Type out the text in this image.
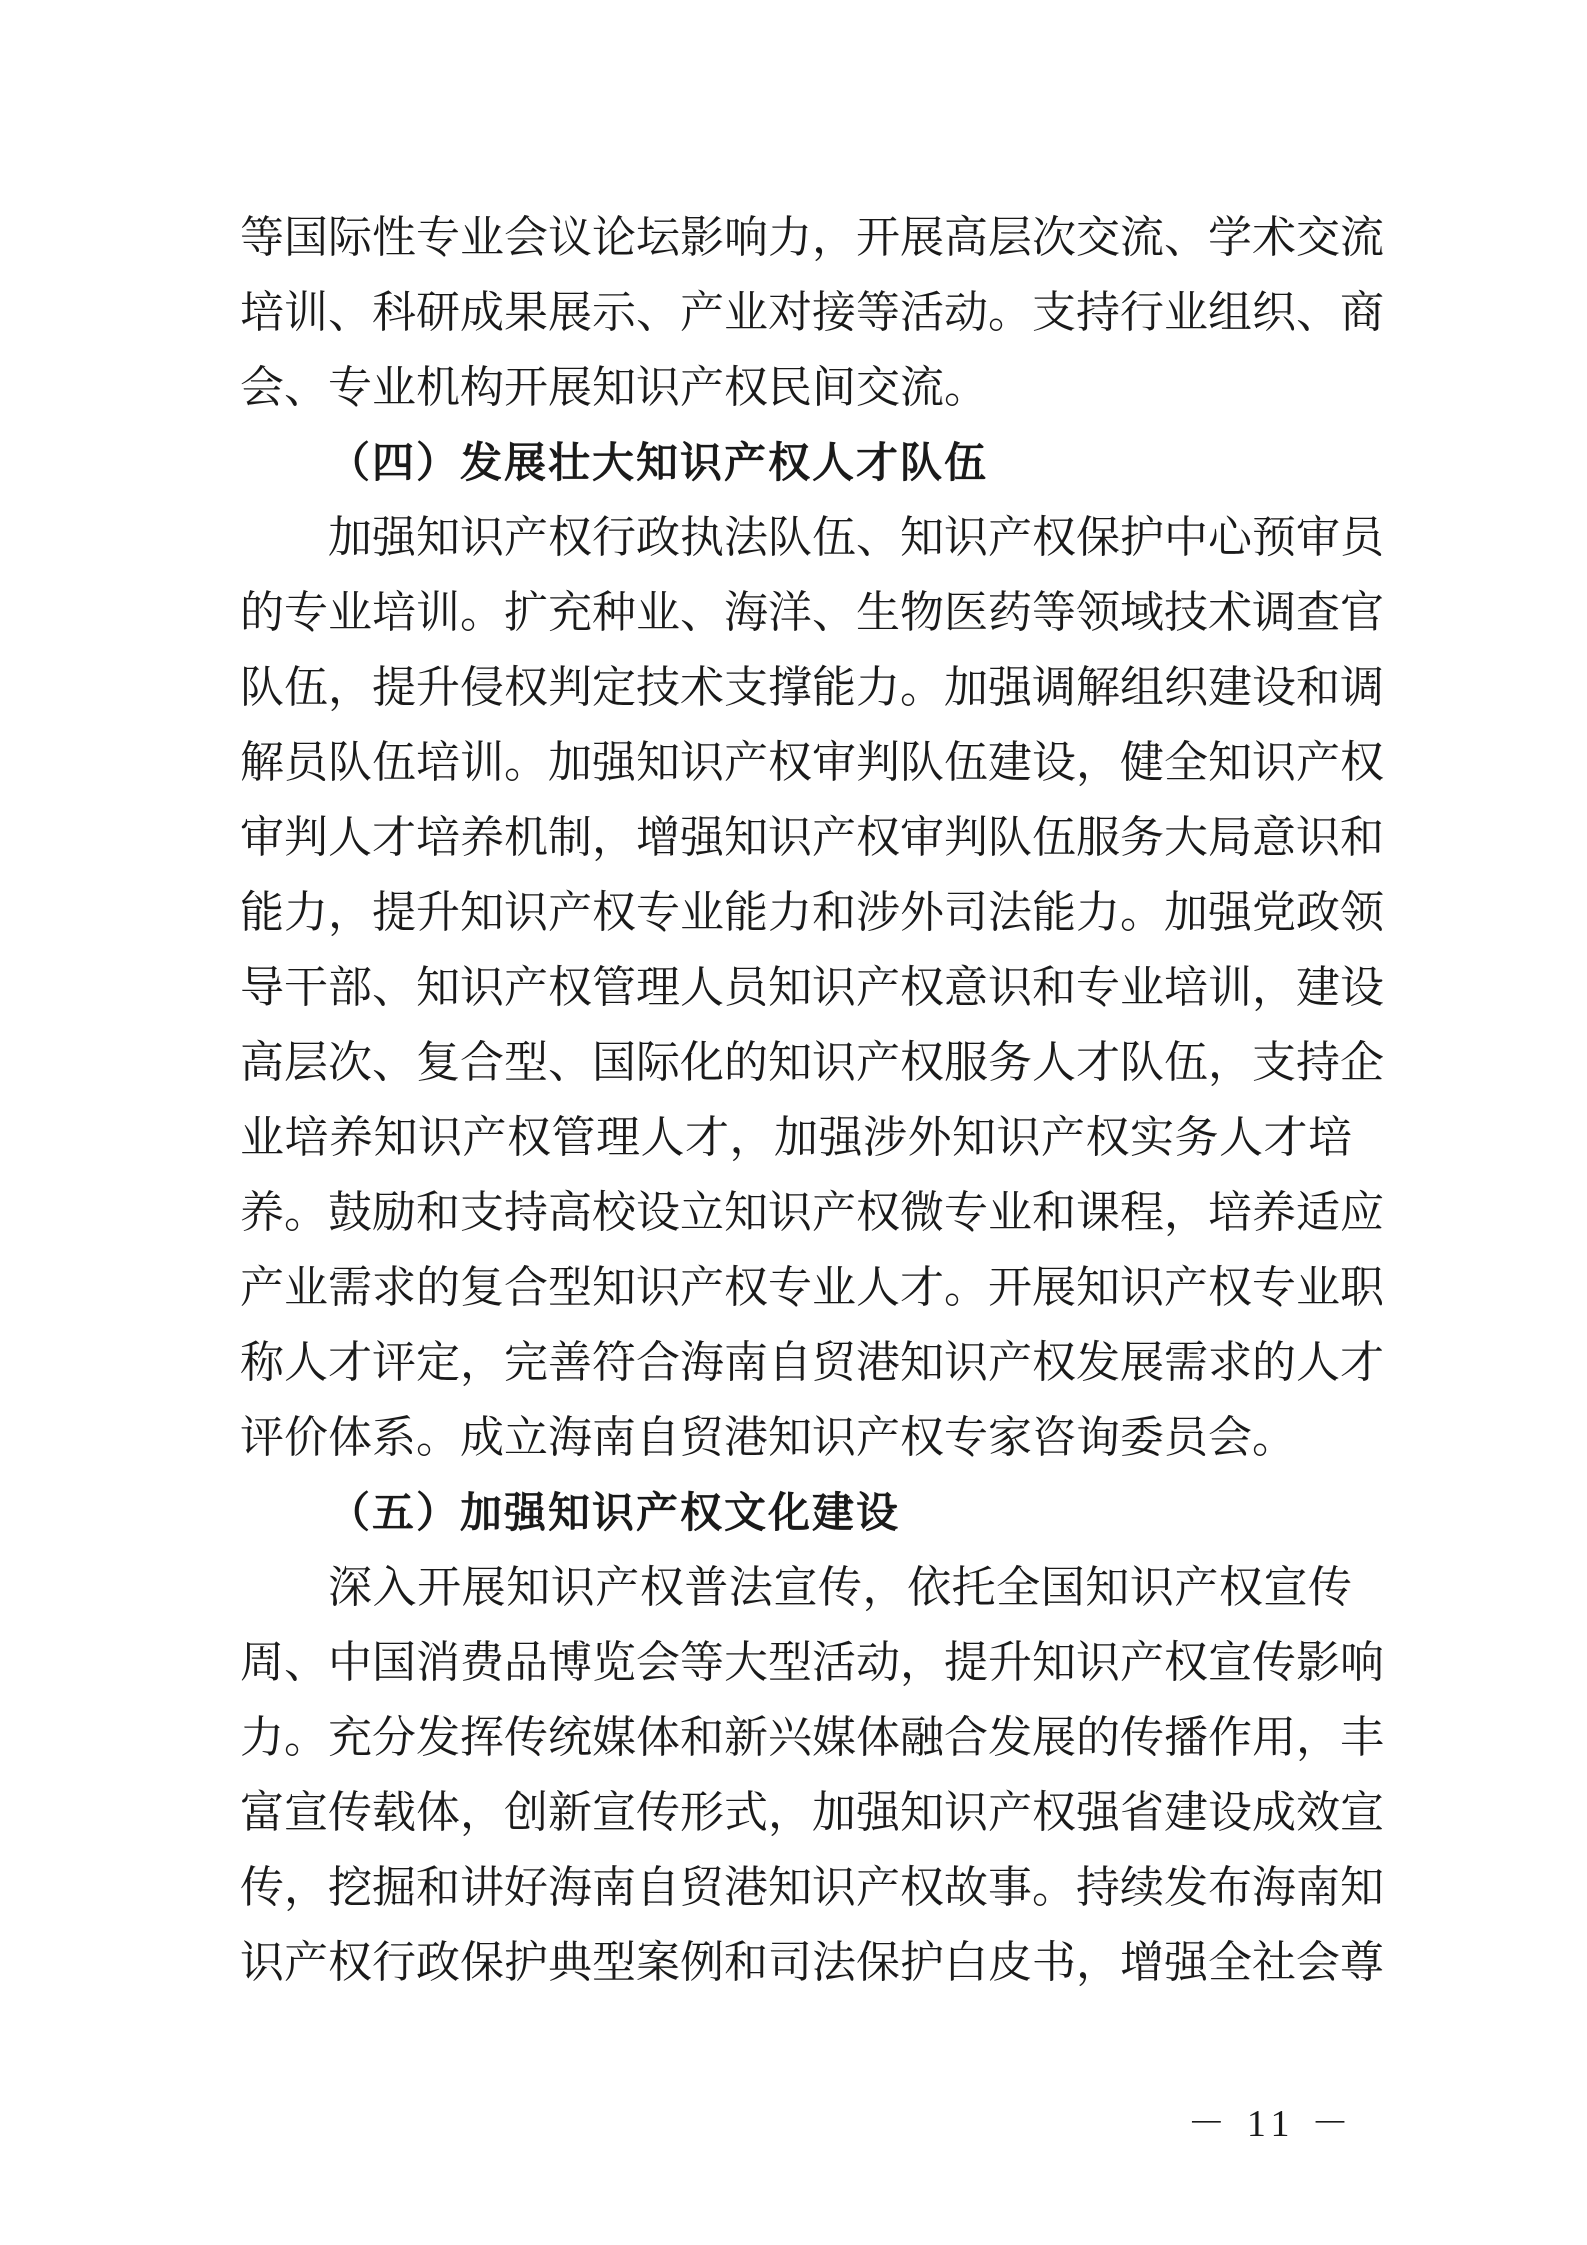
等国际性专业会议论坛影响力，开展高层次交流、学术交流
培训、科研成果展示、产业对接等活动。支持行业组织、商
会、专业机构开展知识产权民间交流。
（四）发展壮大知识产权人才队伍
加强知识产权行政执法队伍、知识产权保护中心预审员
的专业培训。扩充种业、海洋、生物医药等领域技术调查官
队伍，提升侵权判定技术支撑能力。加强调解组织建设和调
解员队伍培训。加强知识产权审判队伍建设，健全知识产权
审判人才培养机制，增强知识产权审判队伍服务大局意识和
能力，提升知识产权专业能力和涉外司法能力。加强党政领
导干部、知识产权管理人员知识产权意识和专业培训，建设
高层次、复合型、国际化的知识产权服务人才队伍，支持企
业培养知识产权管理人才，加强涉外知识产权实务人才培
养。鼓励和支持高校设立知识产权微专业和课程，培养适应
产业需求的复合型知识产权专业人才。开展知识产权专业职
称人才评定，完善符合海南自贸港知识产权发展需求的人才
评价体系。成立海南自贸港知识产权专家咨询委员会。
（五）加强知识产权文化建设
深入开展知识产权普法宣传，依托全国知识产权宣传
周、中国消费品博览会等大型活动，提升知识产权宣传影响
力。充分发挥传统媒体和新兴媒体融合发展的传播作用，丰
富宣传载体，创新宣传形式，加强知识产权强省建设成效宣
传，挖掘和讲好海南自贸港知识产权故事。持续发布海南知
识产权行政保护典型案例和司法保护白皮书，增强全社会尊
－ 11 －
